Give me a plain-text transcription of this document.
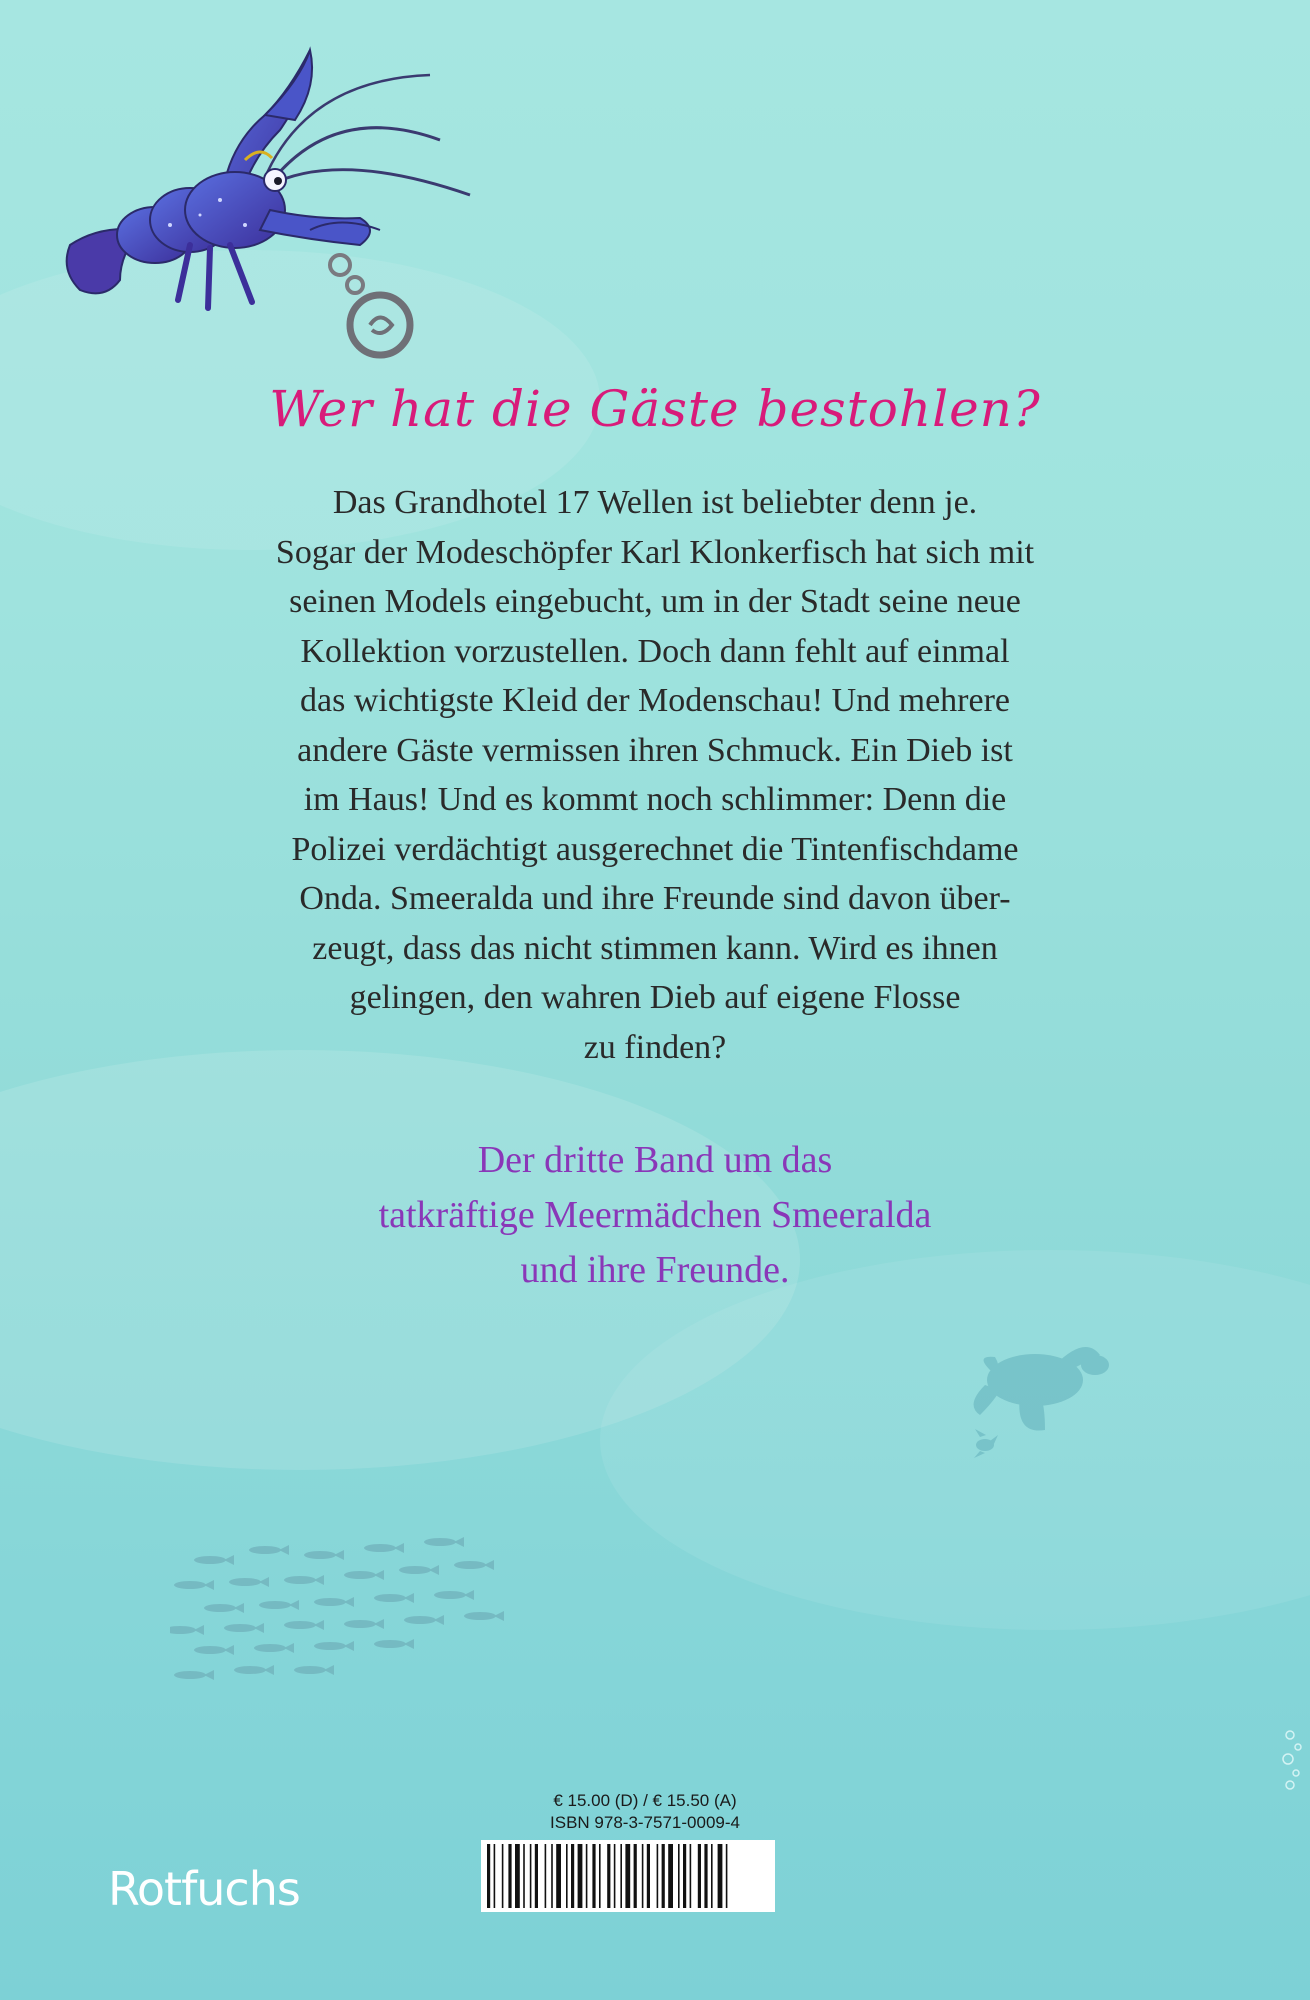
Wer hat die Gäste bestohlen?

Das Grandhotel 17 Wellen ist beliebter denn je.

Sogar der Modeschöpfer Karl Klonkerfisch hat sich mit

seinen Models eingebucht, um in der Stadt seine neue

Kollektion vorzustellen. Doch dann fehlt auf einmal

das wichtigste Kleid der Modenschau! Und mehrere

andere Gäste vermissen ihren Schmuck. Ein Dieb ist

im Haus! Und es kommt noch schlimmer: Denn die

Polizei verdächtigt ausgerechnet die Tintenfischdame

Onda. Smeeralda und ihre Freunde sind davon über-

zeugt, dass das nicht stimmen kann. Wird es ihnen

gelingen, den wahren Dieb auf eigene Flosse

zu finden?

Der dritte Band um das

tatkräftige Meermädchen Smeeralda

und ihre Freunde.

€ 15.00 (D) / € 15.50 (A)
ISBN 978-3-7571-0009-4
Rotfuchs
